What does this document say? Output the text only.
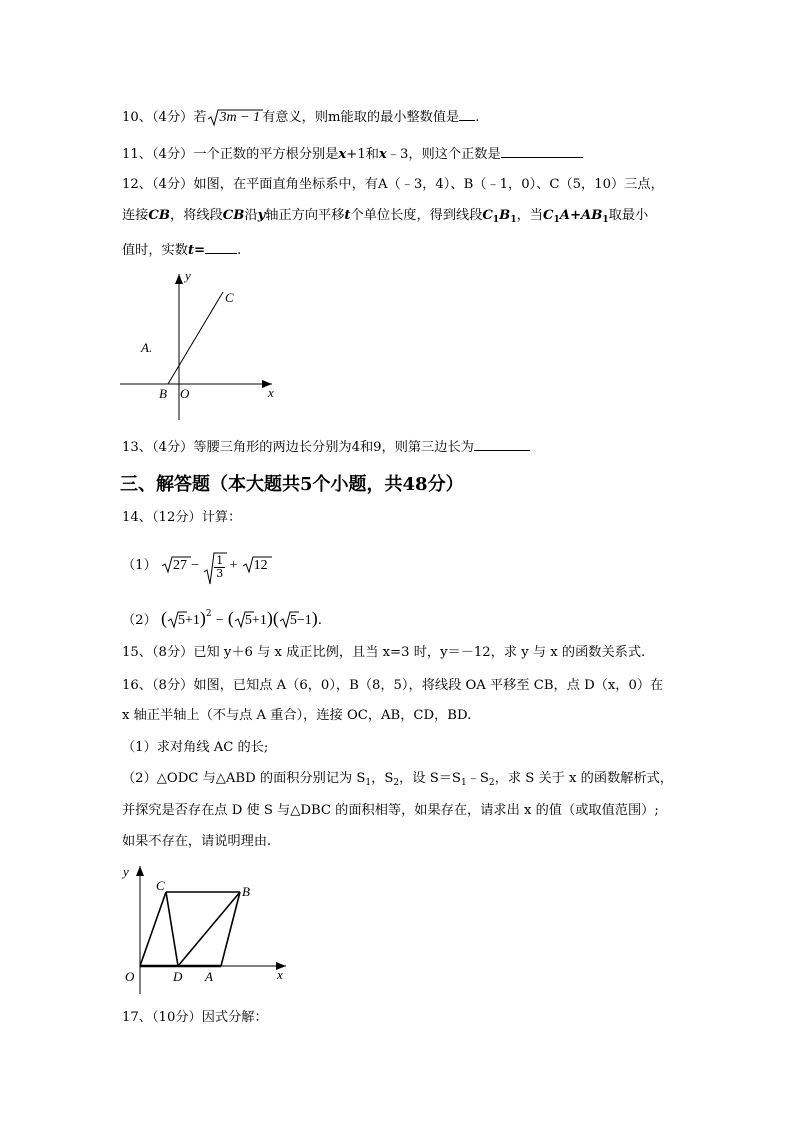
10、（4分）若 3m − 1 有意义，则m能取的最小整数值是 .
11、（4分）一个正数的平方根分别是x+1和x﹣3，则这个正数是
12、（4分）如图，在平面直角坐标系中，有A（﹣3，4）、B（﹣1，0）、C（5，10）三点，
连接CB，将线段CB沿y轴正方向平移t个单位长度，得到线段$C_1B_1$，当$C_1A+AB_1$取最小
值时，实数t= .
y
x
C
A.
B O
13、（4分）等腰三角形的两边长分别为4和9，则第三边长为
三、解答题（本大题共5个小题，共48分）
14、（12分）计算：
（1） $27 - \frac{1}{3} + 12$
（2） ( 5+1)$^2$ − ( 5+1)( 5−1).
15、（8分）已知 y＋6 与 x 成正比例，且当 x=3 时，y＝－12，求 y 与 x 的函数关系式.
16、（8分）如图，已知点 A（6，0），B（8，5），将线段 OA 平移至 CB，点 D（x，0）在
x 轴正半轴上（不与点 A 重合），连接 OC，AB，CD，BD.
（1）求对角线 AC 的长;
（2）△ODC 与△ABD 的面积分别记为 $S_1$，$S_2$，设 $S=S_1﹣S_2$，求 S 关于 x 的函数解析式，
并探究是否存在点 D 使 S 与△DBC 的面积相等，如果存在，请求出 x 的值（或取值范围）;
如果不存在，请说明理由.
y
x
C	B
O	D A
17、（10分）因式分解：
